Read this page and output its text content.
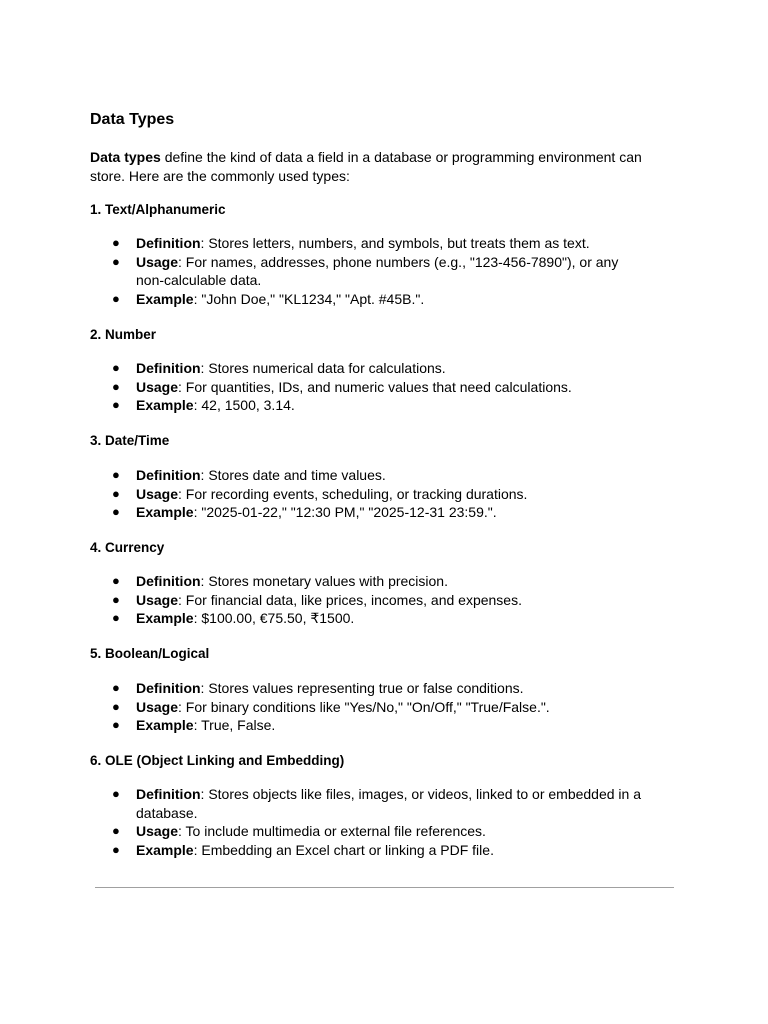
Data Types
Data types define the kind of data a field in a database or programming environment can store. Here are the commonly used types:
1. Text/Alphanumeric
● Definition: Stores letters, numbers, and symbols, but treats them as text.
● Usage: For names, addresses, phone numbers (e.g., "123-456-7890"), or any non-calculable data.
● Example: "John Doe," "KL1234," "Apt. #45B.".
2. Number
● Definition: Stores numerical data for calculations.
● Usage: For quantities, IDs, and numeric values that need calculations.
● Example: 42, 1500, 3.14.
3. Date/Time
● Definition: Stores date and time values.
● Usage: For recording events, scheduling, or tracking durations.
● Example: "2025-01-22," "12:30 PM," "2025-12-31 23:59.".
4. Currency
● Definition: Stores monetary values with precision.
● Usage: For financial data, like prices, incomes, and expenses.
● Example: $100.00, €75.50, ₹1500.
5. Boolean/Logical
● Definition: Stores values representing true or false conditions.
● Usage: For binary conditions like "Yes/No," "On/Off," "True/False.".
● Example: True, False.
6. OLE (Object Linking and Embedding)
● Definition: Stores objects like files, images, or videos, linked to or embedded in a database.
● Usage: To include multimedia or external file references.
● Example: Embedding an Excel chart or linking a PDF file.
